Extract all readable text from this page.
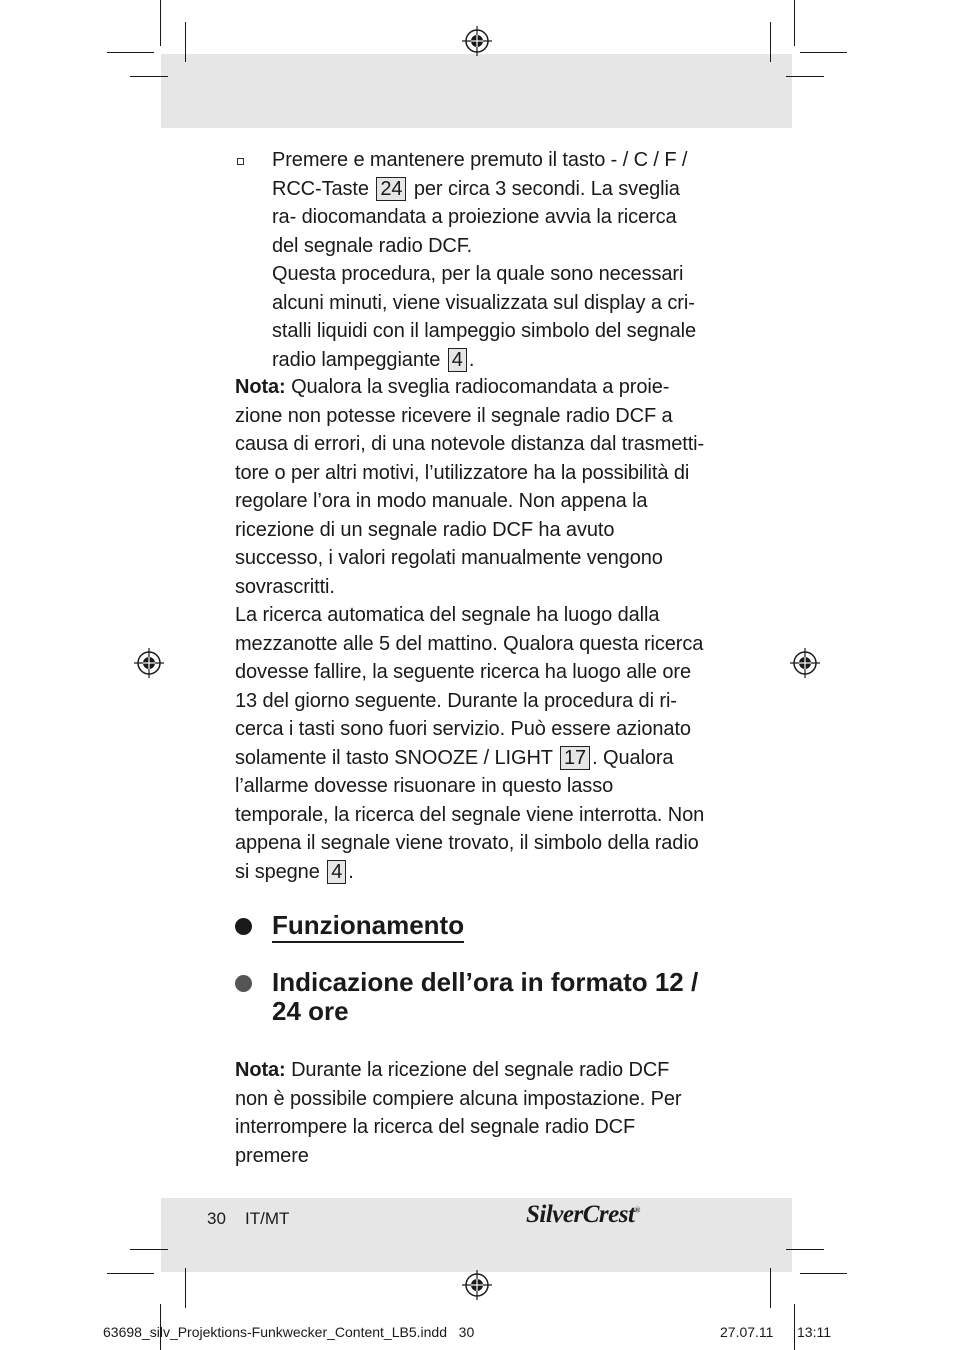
Premere e mantenere premuto il tasto - / C / F /
RCC-Taste 24 per circa 3 secondi. La sveglia ra- diocomandata a proiezione avvia la ricerca del segnale radio DCF.

Questa procedura, per la quale sono necessari alcuni minuti, viene visualizzata sul display a cri-stalli liquidi con il lampeggio simbolo del segnale radio lampeggiante 4 .

Nota: Qualora la sveglia radiocomandata a proie-zione non potesse ricevere il segnale radio DCF a causa di errori, di una notevole distanza dal trasmetti-tore o per altri motivi, l’utilizzatore ha la possibilità di regolare l’ora in modo manuale. Non appena la ricezione di un segnale radio DCF ha avuto successo, i valori regolati manualmente vengono sovrascritti.

La ricerca automatica del segnale ha luogo dalla mezzanotte alle 5 del mattino. Qualora questa ricerca dovesse fallire, la seguente ricerca ha luogo alle ore 13 del giorno seguente. Durante la procedura di ri-cerca i tasti sono fuori servizio. Può essere azionato solamente il tasto SNOOZE / LIGHT 17 . Qualora l’allarme dovesse risuonare in questo lasso temporale, la ricerca del segnale viene interrotta. Non appena il segnale viene trovato, il simbolo della radio si spegne 4 .

Funzionamento
Indicazione dell’ora in formato 12 / 24 ore

Nota: Durante la ricezione del segnale radio DCF non è possibile compiere alcuna impostazione. Per interrompere la ricerca del segnale radio DCF premere

30 IT/MT	SilverCrest®
63698_silv_Projektions-Funkwecker_Content_LB5.indd   30	27.07.11 13:11
